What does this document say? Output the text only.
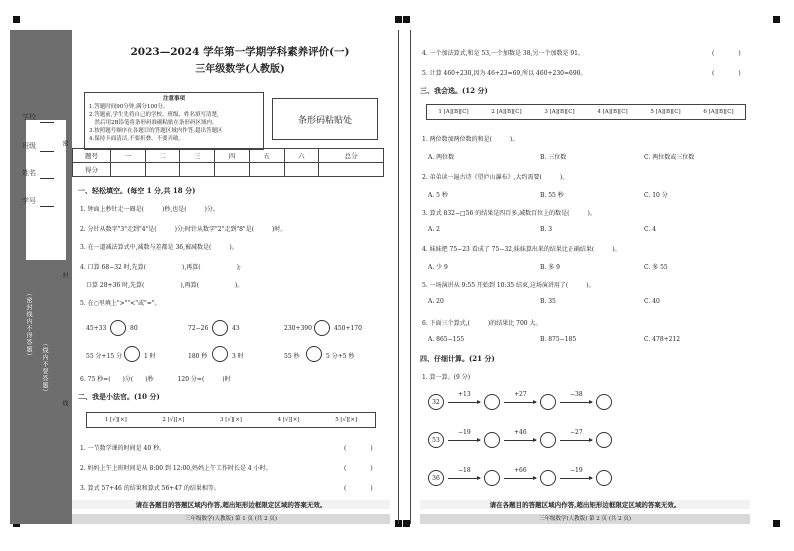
学校
班级
姓名
学号
（密封线内不得答题）
密
封
线
（线内不要答题）
2023—2024 学年第一学期学科素养评价(一)
三年级数学(人教版)
注意事项
1.答题时间90分钟,满分100分。
2.答题前,学生先将自己的学校、班级、姓名填写清楚,
　然后用2B铅笔将条形码准确粘贴在条形码区域内。
3.按照题号顺序在各题目的答题区域内作答,超出答题区
4.保持卡面清洁,不要折叠、不要弄破。
条形码粘贴处
题号	一	二	三	四	五	六	总分
得分							
一、轻松填空。(每空 1 分,共 18 分)
1. 钟面上秒针走一圈是(　　　)秒,也是(　　　)分。
2. 分针从数字"3"走到"4"是(　　　)分;时针从数字"2"走到"8"是(　　　)时。
3. 在一道减法算式中,减数与差都是 36,被减数是(　　　)。
4. 口算 68−32 时,先算(　　　　　　),再算(　　　　　　);
　口算 28+36 时,先算(　　　　　　),再算(　　　　　　)。
5. 在○里填上">""<"或"="。
45+33	80	72−26	43	230+390	450+170
55 分+15 分	1 时	180 秒	3 时	55 秒	5 分+5 秒
6. 75 秒=(　　)分(　　)秒　　　　120 分=(　　　)时
二、我是小法官。(10 分)
1 [√][×]	2 [√][×]	3 [√][×]	4 [√][×]	5 [√][×]
1. 一节数学课的时间是 40 秒。	(　　　　)
2. 妈妈上午上班时间是从 8:00 到 12:00,妈妈上午工作时长是 4 小时。	(　　　　)
3. 算式 57+46 的结果和算式 56+47 的结果相等。	(　　　　)
请在各题目的答题区域内作答,超出矩形边框限定区域的答案无效。
三年级数学(人教版) 第 1 页 (共 2 页)
4. 一个加法算式,和是 53,一个加数是 38,另一个加数是 91。	(　　　　)
5. 计算 460+230,因为 46+23=69,所以 460+230=690。	(　　　　)
三、我会选。(12 分)
1 [A][B][C]	2 [A][B][C]	3 [A][B][C]	4 [A][B][C]	5 [A][B][C]	6 [A][B][C]
1. 两位数加两位数的和是(　　　)。
A. 两位数	B. 三位数	C. 两位数或三位数
2. 弟弟读一遍古诗《望庐山瀑布》,大约需要(　　　)。
A. 5 秒	B. 55 秒	C. 10 分
3. 算式 832−□56 的结果是四百多,减数百位上的数是(　　　)。
A. 2	B. 3	C. 4
4. 妹妹把 75−23 看成了 75−32,妹妹算出来的结果比正确结果(　　　)。
A. 少 9	B. 多 9	C. 多 55
5. 一场演讲从 9:55 开始到 10:35 结束,这场演讲用了(　　　)。
A. 20	B. 35	C. 40
6. 下面三个算式,(　　　)的结果比 700 大。
A. 865−155	B. 875−185	C. 478+212
四、仔细计算。(21 分)
1. 算一算。(9 分)
32
+13	+27	−38
53
−19	+46	−27
36
−18	+66	−19
请在各题目的答题区域内作答,超出矩形边框限定区域的答案无效。
三年级数学(人教版) 第 2 页 (共 2 页)
